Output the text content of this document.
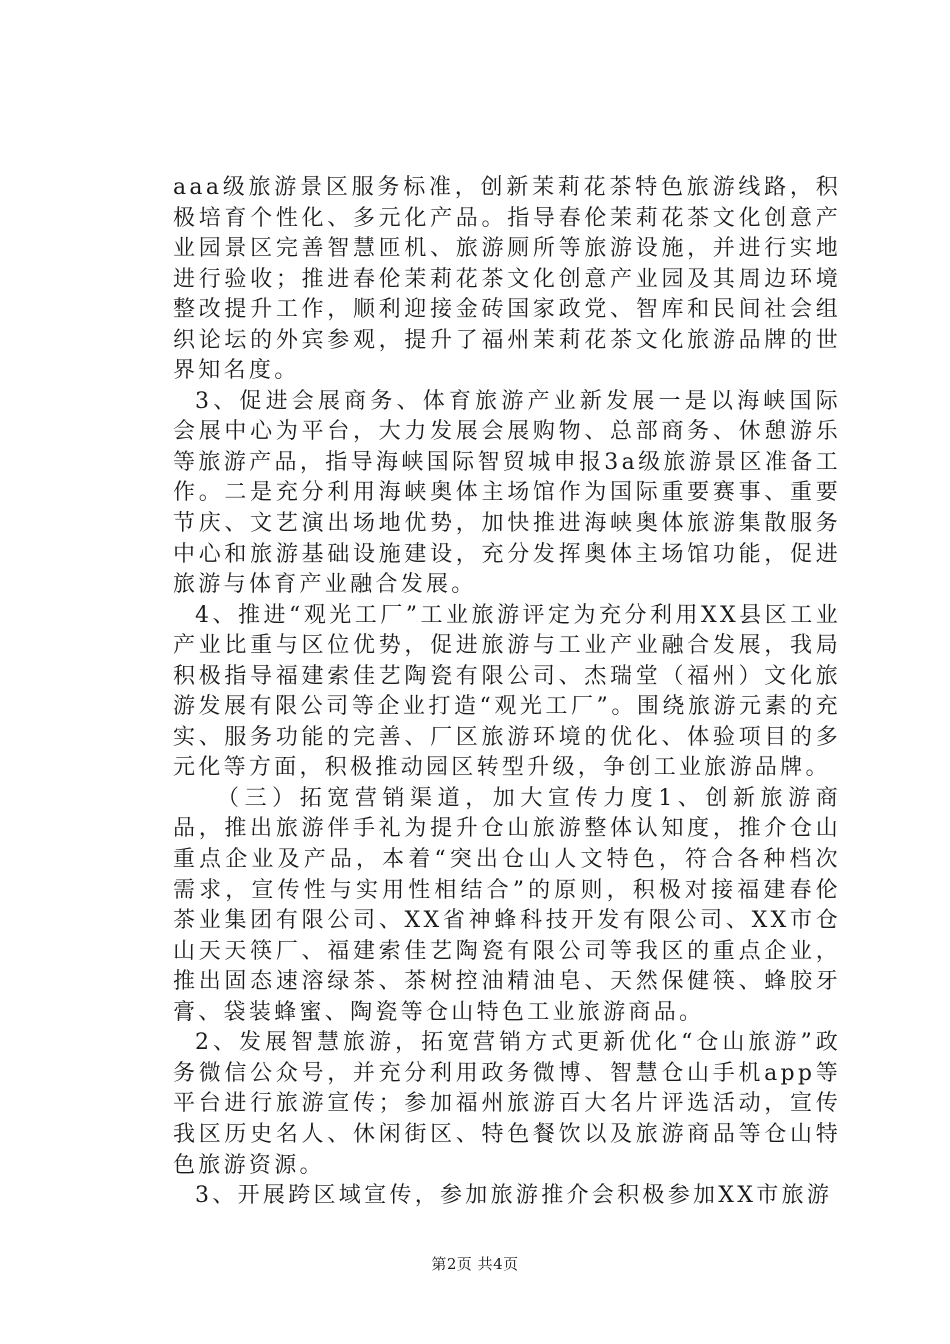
aaa级旅游景区服务标准，创新茉莉花茶特色旅游线路，积极培育个性化、多元化产品。指导春伦茉莉花茶文化创意产业园景区完善智慧匝机、旅游厕所等旅游设施，并进行实地进行验收；推进春伦茉莉花茶文化创意产业园及其周边环境整改提升工作，顺利迎接金砖国家政党、智库和民间社会组织论坛的外宾参观，提升了福州茉莉花茶文化旅游品牌的世界知名度。

3、促进会展商务、体育旅游产业新发展一是以海峡国际会展中心为平台，大力发展会展购物、总部商务、休憩游乐等旅游产品，指导海峡国际智贸城申报3a级旅游景区准备工作。二是充分利用海峡奥体主场馆作为国际重要赛事、重要节庆、文艺演出场地优势，加快推进海峡奥体旅游集散服务中心和旅游基础设施建设，充分发挥奥体主场馆功能，促进旅游与体育产业融合发展。

4、推进“观光工厂”工业旅游评定为充分利用XX县区工业产业比重与区位优势，促进旅游与工业产业融合发展，我局积极指导福建索佳艺陶瓷有限公司、杰瑞堂（福州）文化旅游发展有限公司等企业打造“观光工厂”。围绕旅游元素的充实、服务功能的完善、厂区旅游环境的优化、体验项目的多元化等方面，积极推动园区转型升级，争创工业旅游品牌。

（三）拓宽营销渠道，加大宣传力度1、创新旅游商品，推出旅游伴手礼为提升仓山旅游整体认知度，推介仓山重点企业及产品，本着“突出仓山人文特色，符合各种档次需求，宣传性与实用性相结合”的原则，积极对接福建春伦茶业集团有限公司、XX省神蜂科技开发有限公司、XX市仓山天天筷厂、福建索佳艺陶瓷有限公司等我区的重点企业，推出固态速溶绿茶、茶树控油精油皂、天然保健筷、蜂胶牙膏、袋装蜂蜜、陶瓷等仓山特色工业旅游商品。

2、发展智慧旅游，拓宽营销方式更新优化“仓山旅游”政务微信公众号，并充分利用政务微博、智慧仓山手机app等平台进行旅游宣传；参加福州旅游百大名片评选活动，宣传我区历史名人、休闲街区、特色餐饮以及旅游商品等仓山特色旅游资源。

3、开展跨区域宣传，参加旅游推介会积极参加XX市旅游

第2页 共4页
